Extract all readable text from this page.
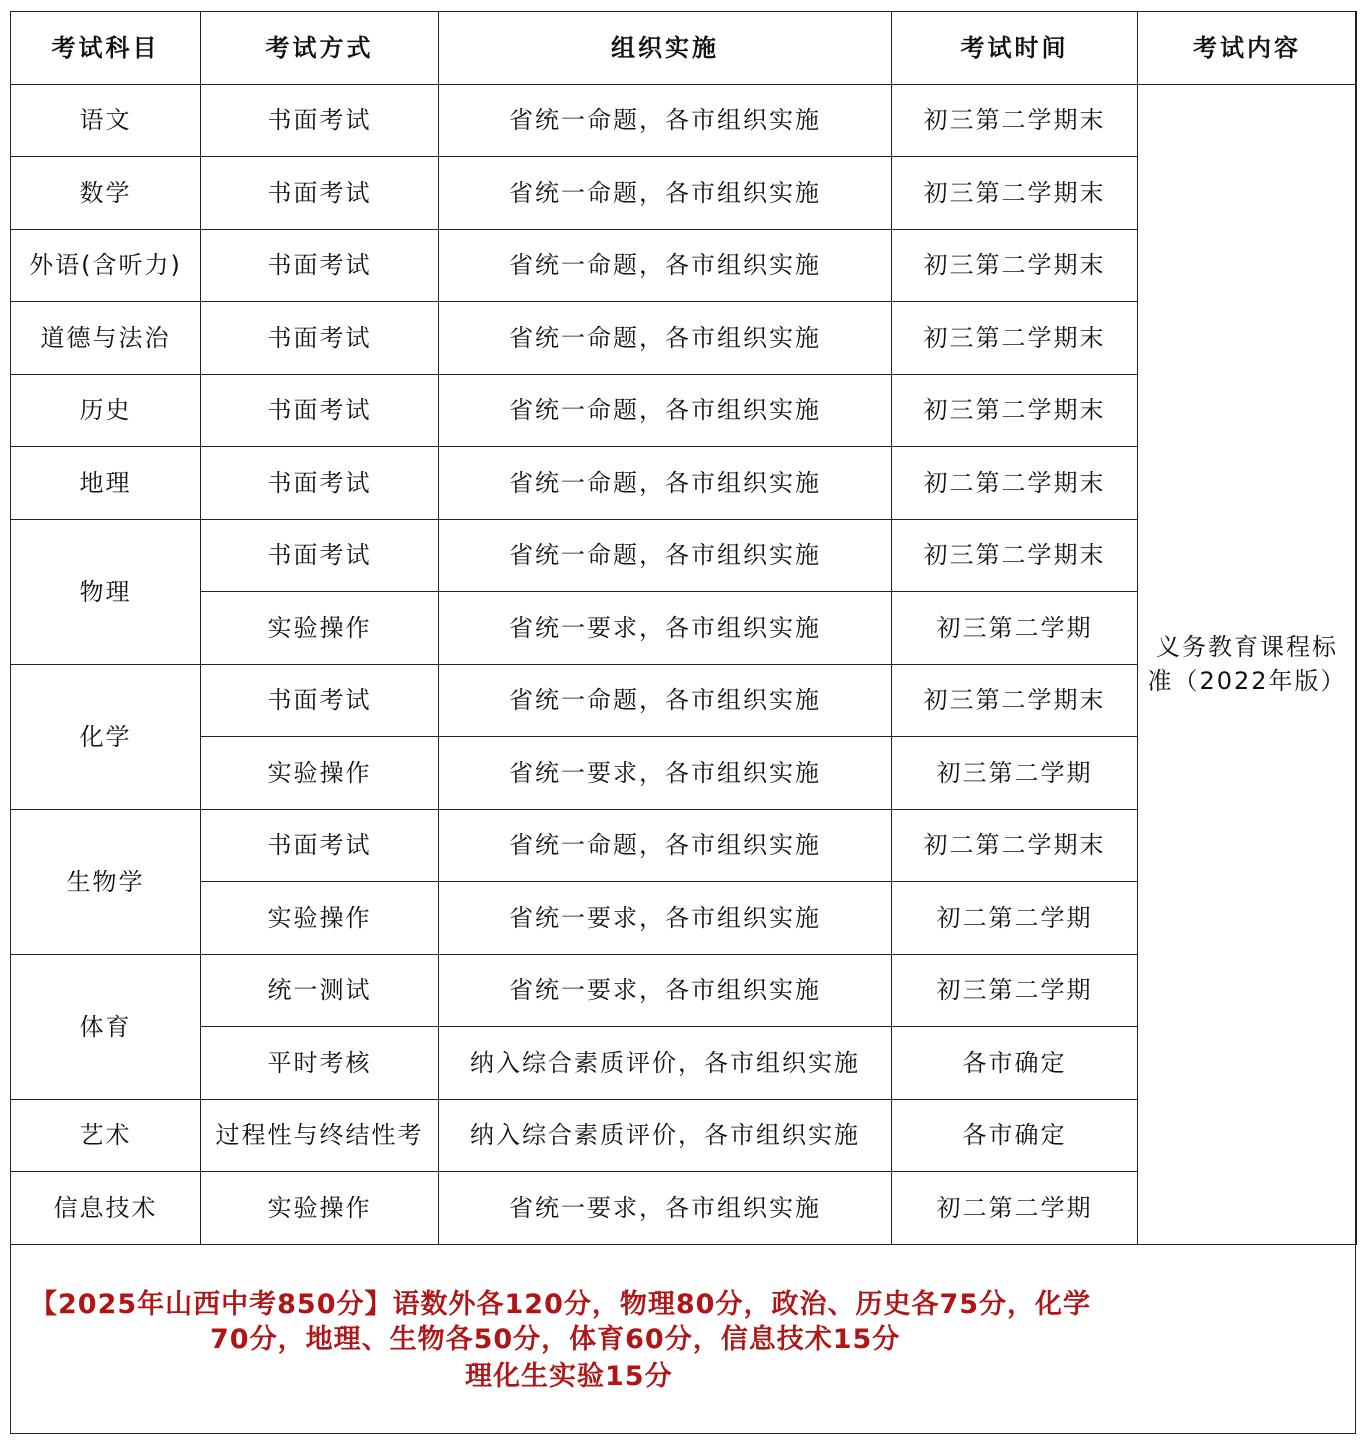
考试科目	考试方式	组织实施	考试时间	考试内容
语文	书面考试	省统一命题，各市组织实施	初三第二学期末	义务教育课程标准（2022年版）
数学	书面考试	省统一命题，各市组织实施	初三第二学期末	
外语(含听力)	书面考试	省统一命题，各市组织实施	初三第二学期末	
道德与法治	书面考试	省统一命题，各市组织实施	初三第二学期末	
历史	书面考试	省统一命题，各市组织实施	初三第二学期末	
地理	书面考试	省统一命题，各市组织实施	初二第二学期末	
物理	书面考试	省统一命题，各市组织实施	初三第二学期末	
	实验操作	省统一要求，各市组织实施	初三第二学期	
化学	书面考试	省统一命题，各市组织实施	初三第二学期末	
	实验操作	省统一要求，各市组织实施	初三第二学期	
生物学	书面考试	省统一命题，各市组织实施	初二第二学期末	
	实验操作	省统一要求，各市组织实施	初二第二学期	
体育	统一测试	省统一要求，各市组织实施	初三第二学期	
	平时考核	纳入综合素质评价，各市组织实施	各市确定	
艺术	过程性与终结性考	纳入综合素质评价，各市组织实施	各市确定	
信息技术	实验操作	省统一要求，各市组织实施	初二第二学期	
【2025年山西中考850分】语数外各120分，物理80分，政治、历史各75分，化学
70分，地理、生物各50分，体育60分，信息技术15分
理化生实验15分
